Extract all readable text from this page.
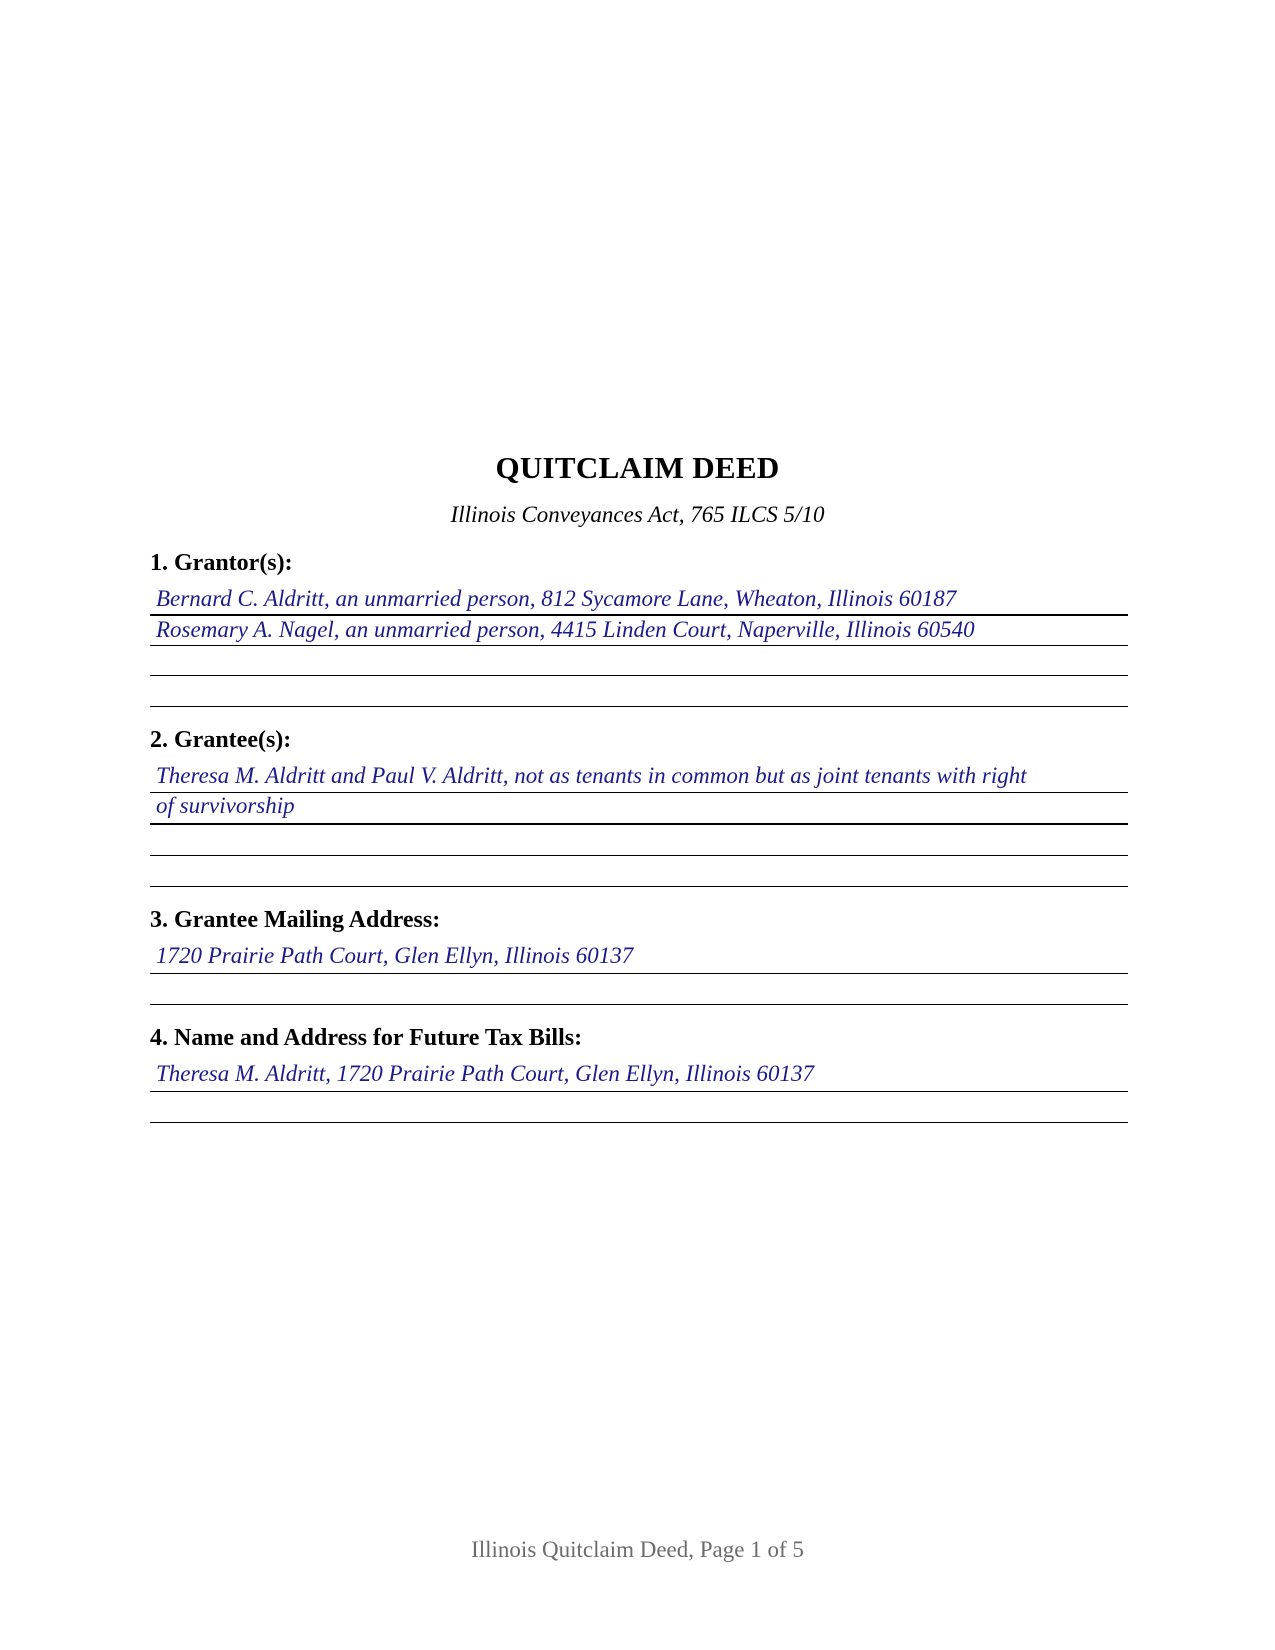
QUITCLAIM DEED
Illinois Conveyances Act, 765 ILCS 5/10
1. Grantor(s):
Bernard C. Aldritt, an unmarried person, 812 Sycamore Lane, Wheaton, Illinois 60187
Rosemary A. Nagel, an unmarried person, 4415 Linden Court, Naperville, Illinois 60540
2. Grantee(s):
Theresa M. Aldritt and Paul V. Aldritt, not as tenants in common but as joint tenants with right
of survivorship
3. Grantee Mailing Address:
1720 Prairie Path Court, Glen Ellyn, Illinois 60137
4. Name and Address for Future Tax Bills:
Theresa M. Aldritt, 1720 Prairie Path Court, Glen Ellyn, Illinois 60137
Illinois Quitclaim Deed, Page 1 of 5
